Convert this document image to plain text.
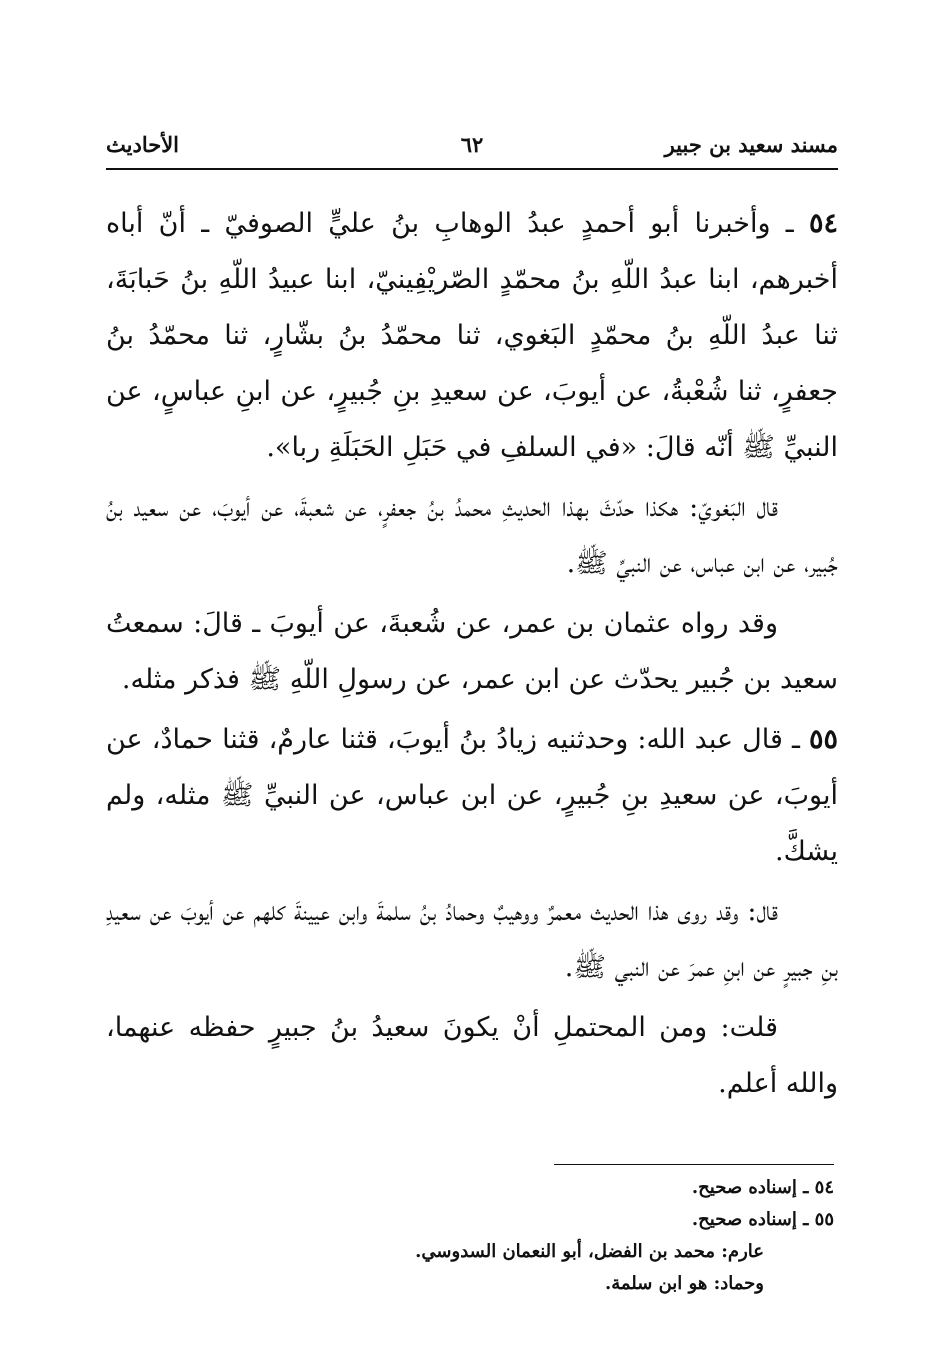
مسند سعيد بن جبير
٦٢
الأحاديث

٥٤ ـ وأخبرنا أبو أحمدٍ عبدُ الوهابِ بنُ عليٍّ الصوفيّ ـ أنّ أباه أخبرهم، ابنا عبدُ اللّهِ بنُ محمّدٍ الصّريْفِينيّ، ابنا عبيدُ اللّهِ بنُ حَبابَةَ، ثنا عبدُ اللّهِ بنُ محمّدٍ البَغوي، ثنا محمّدُ بنُ بشّارٍ، ثنا محمّدُ بنُ جعفرٍ، ثنا شُعْبةُ، عن أيوبَ، عن سعيدِ بنِ جُبيرٍ، عن ابنِ عباسٍ، عن النبيِّ ﷺ أنّه قالَ: «في السلفِ في حَبَلِ الحَبَلَةِ ربا».

قال البَغويّ: هكذا حدّثَ بهذا الحديثِ محمدُ بنُ جعفرٍ، عن شعبةَ، عن أيوبَ، عن سعيد بنُ جُبير، عن ابن عباس، عن النبيِّ ﷺ.

وقد رواه عثمان بن عمر، عن شُعبةَ، عن أيوبَ ـ قالَ: سمعتُ سعيد بن جُبير يحدّث عن ابن عمر، عن رسولِ اللّهِ ﷺ فذكر مثله.

٥٥ ـ قال عبد الله: وحدثنيه زيادُ بنُ أيوبَ، قثنا عارمٌ، قثنا حمادٌ، عن أيوبَ، عن سعيدِ بنِ جُبيرٍ، عن ابن عباس، عن النبيِّ ﷺ مثله، ولم يشكَّ.

قال: وقد روى هذا الحديث معمرٌ ووهيبٌ وحمادُ بنُ سلمةَ وابن عيينةَ كلهم عن أيوبَ عن سعيدِ بنِ جبيرٍ عن ابنِ عمرَ عن النبي ﷺ.

قلت: ومن المحتملِ أنْ يكونَ سعيدُ بنُ جبيرٍ حفظه عنهما، والله أعلم.

٥٤ ـ إسناده صحيح.

٥٥ ـ إسناده صحيح.

عارم: محمد بن الفضل، أبو النعمان السدوسي.

وحماد: هو ابن سلمة.
